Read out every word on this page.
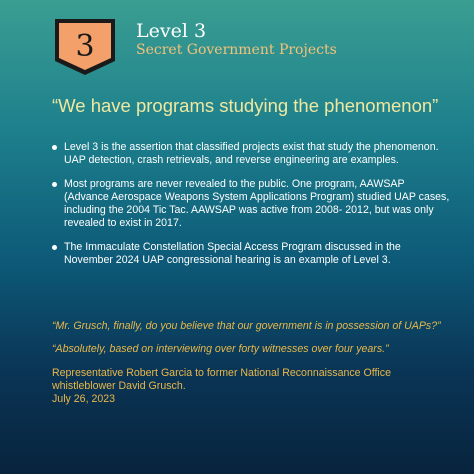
3 Level 3
Secret Government Projects
“We have programs studying the phenomenon”
Level 3 is the assertion that classified projects exist that study the phenomenon. UAP detection, crash retrievals, and reverse engineering are examples.
Most programs are never revealed to the public. One program, AAWSAP (Advance Aerospace Weapons System Applications Program) studied UAP cases, including the 2004 Tic Tac. AAWSAP was active from 2008- 2012, but was only revealed to exist in 2017.
The Immaculate Constellation Special Access Program discussed in the November 2024 UAP congressional hearing is an example of Level 3.

“Mr. Grusch, finally, do you believe that our government is in possession of UAPs?”

“Absolutely, based on interviewing over forty witnesses over four years.”

Representative Robert Garcia to former National Reconnaissance Office whistleblower David Grusch.

July 26, 2023
